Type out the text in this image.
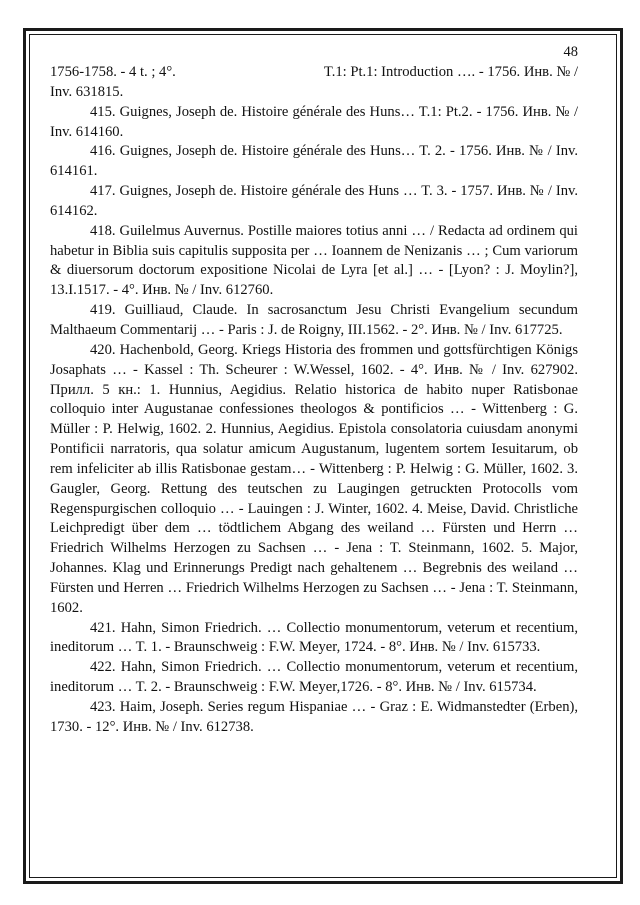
48

1756-1758. - 4 t. ; 4°.	T.1: Pt.1: Introduction …. - 1756. Инв. № /

Inv. 631815.

415. Guignes, Joseph de. Histoire générale des Huns… T.1: Pt.2. - 1756. Инв. № / Inv. 614160.

416. Guignes, Joseph de. Histoire générale des Huns… T. 2. - 1756. Инв. № / Inv. 614161.

417. Guignes, Joseph de. Histoire générale des Huns … T. 3. - 1757. Инв. № / Inv. 614162.

418. Guilelmus Auvernus. Postille maiores totius anni … / Redacta ad ordinem qui habetur in Biblia suis capitulis supposita per … Ioannem de Nenizanis … ; Cum variorum & diuersorum doctorum expositione Nicolai de Lyra [et al.] … - [Lyon? : J. Moylin?], 13.I.1517. - 4°. Инв. № / Inv. 612760.

419. Guilliaud, Claude. In sacrosanctum Jesu Christi Evangelium secundum Malthaeum Commentarij … - Paris : J. de Rоigny, III.1562. - 2°. Инв. № / Inv. 617725.

420. Hachenbold, Georg. Kriegs Historia des frommen und gottsfürchtigen Königs Josaphats … - Kassel : Th. Scheurer : W.Wessel, 1602. - 4°. Инв. № / Inv. 627902. Прилл. 5 кн.: 1. Hunnius, Aegidius. Relatio historica de habito nuper Ratisbonae colloquio inter Augustanae confessiones theologos & pontificios … - Wittenberg : G. Müller : P. Helwig, 1602. 2. Hunnius, Aegidius. Epistola consolatoria cuiusdam anonymi Pontificii narratoris, qua solatur amicum Augustanum, lugentem sortem Iesuitarum, ob rem infeliciter ab illis Ratisbonae gestam… - Wittenberg : P. Helwig : G. Müller, 1602. 3. Gaugler, Georg. Rettung des teutschen zu Laugingen getruckten Protocolls vom Regenspurgischen colloquio … - Lauingen : J. Winter, 1602. 4. Meise, David. Christliche Leichpredigt über dem … tödtlichem Abgang des weiland … Fürsten und Herrn … Friedrich Wilhelms Herzogen zu Sachsen … - Jena : T. Steinmann, 1602. 5. Major, Johannes. Klag und Erinnerungs Predigt nach gehaltenem … Begrebnis des weiland … Fürsten und Herren … Friedrich Wilhelms Herzogen zu Sachsen … - Jena : T. Steinmann, 1602.

421. Hahn, Simon Friedrich. … Collectio monumentorum, veterum et recentium, ineditorum … T. 1. - Braunschweig : F.W. Meyer, 1724. - 8°. Инв. № / Inv. 615733.

422. Hahn, Simon Friedrich. … Collectio monumentorum, veterum et recentium, ineditorum … T. 2. - Braunschweig : F.W. Meyer,1726. - 8°. Инв. № / Inv. 615734.

423. Haim, Joseph. Series regum Hispaniae … - Graz : E. Widmanstedter (Erben), 1730. - 12°. Инв. № / Inv. 612738.
